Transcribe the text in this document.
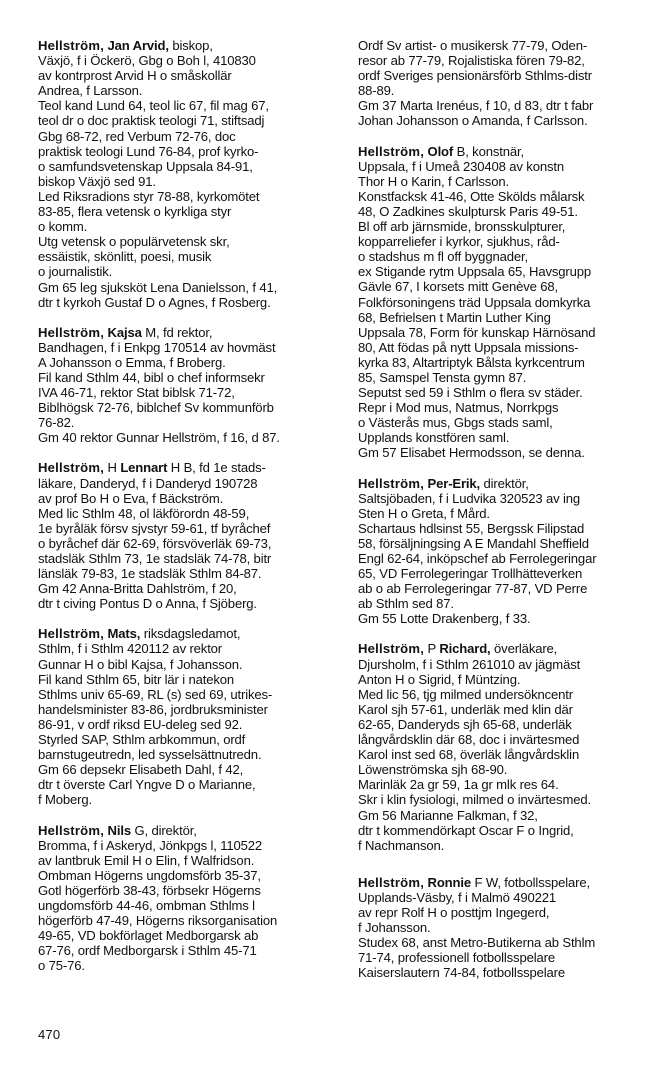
Hellström, Jan Arvid, biskop,
Växjö, f i Öckerö, Gbg o Boh l, 410830
av kontrprost Arvid H o småskollär
Andrea, f Larsson.
Teol kand Lund 64, teol lic 67, fil mag 67,
teol dr o doc praktisk teologi 71, stiftsadj
Gbg 68-72, red Verbum 72-76, doc
praktisk teologi Lund 76-84, prof kyrko-
o samfundsvetenskap Uppsala 84-91,
biskop Växjö sed 91.
Led Riksradions styr 78-88, kyrkomötet
83-85, flera vetensk o kyrkliga styr
o komm.
Utg vetensk o populärvetensk skr,
essäistik, skönlitt, poesi, musik
o journalistik.
Gm 65 leg sjuksköt Lena Danielsson, f 41,
dtr t kyrkoh Gustaf D o Agnes, f Rosberg.
Hellström, Kajsa M, fd rektor,
Bandhagen, f i Enkpg 170514 av hovmäst
A Johansson o Emma, f Broberg.
Fil kand Sthlm 44, bibl o chef informsekr
IVA 46-71, rektor Stat biblsk 71-72,
Biblhögsk 72-76, biblchef Sv kommunförb
76-82.
Gm 40 rektor Gunnar Hellström, f 16, d 87.
Hellström, H Lennart H B, fd 1e stads-
läkare, Danderyd, f i Danderyd 190728
av prof Bo H o Eva, f Bäckström.
Med lic Sthlm 48, ol läkförordn 48-59,
1e byråläk försv sjvstyr 59-61, tf byråchef
o byråchef där 62-69, försvöverläk 69-73,
stadsläk Sthlm 73, 1e stadsläk 74-78, bitr
länsläk 79-83, 1e stadsläk Sthlm 84-87.
Gm 42 Anna-Britta Dahlström, f 20,
dtr t civing Pontus D o Anna, f Sjöberg.
Hellström, Mats, riksdagsledamot,
Sthlm, f i Sthlm 420112 av rektor
Gunnar H o bibl Kajsa, f Johansson.
Fil kand Sthlm 65, bitr lär i natekon
Sthlms univ 65-69, RL (s) sed 69, utrikes-
handelsminister 83-86, jordbruksminister
86-91, v ordf riksd EU-deleg sed 92.
Styrled SAP, Sthlm arbkommun, ordf
barnstugeutredn, led sysselsättnutredn.
Gm 66 depsekr Elisabeth Dahl, f 42,
dtr t överste Carl Yngve D o Marianne,
f Moberg.
Hellström, Nils G, direktör,
Bromma, f i Askeryd, Jönkpgs l, 110522
av lantbruk Emil H o Elin, f Walfridson.
Ombman Högerns ungdomsförb 35-37,
Gotl högerförb 38-43, förbsekr Högerns
ungdomsförb 44-46, ombman Sthlms l
högerförb 47-49, Högerns riksorganisation
49-65, VD bokförlaget Medborgarsk ab
67-76, ordf Medborgarsk i Sthlm 45-71
o 75-76.
Ordf Sv artist- o musikersk 77-79, Oden-
resor ab 77-79, Rojalistiska fören 79-82,
ordf Sveriges pensionärsförb Sthlms-distr
88-89.
Gm 37 Marta Irenéus, f 10, d 83, dtr t fabr
Johan Johansson o Amanda, f Carlsson.
Hellström, Olof B, konstnär,
Uppsala, f i Umeå 230408 av konstn
Thor H o Karin, f Carlsson.
Konstfacksk 41-46, Otte Skölds målarsk
48, O Zadkines skulptursk Paris 49-51.
Bl off arb järnsmide, bronsskulpturer,
kopparreliefer i kyrkor, sjukhus, råd-
o stadshus m fl off byggnader,
ex Stigande rytm Uppsala 65, Havsgrupp
Gävle 67, I korsets mitt Genève 68,
Folkförsoningens träd Uppsala domkyrka
68, Befrielsen t Martin Luther King
Uppsala 78, Form för kunskap Härnösand
80, Att födas på nytt Uppsala missions-
kyrka 83, Altartriptyk Bålsta kyrkcentrum
85, Samspel Tensta gymn 87.
Seputst sed 59 i Sthlm o flera sv städer.
Repr i Mod mus, Natmus, Norrkpgs
o Västerås mus, Gbgs stads saml,
Upplands konstfören saml.
Gm 57 Elisabet Hermodsson, se denna.
Hellström, Per-Erik, direktör,
Saltsjöbaden, f i Ludvika 320523 av ing
Sten H o Greta, f Mård.
Schartaus hdlsinst 55, Bergssk Filipstad
58, försäljningsing A E Mandahl Sheffield
Engl 62-64, inköpschef ab Ferrolegeringar
65, VD Ferrolegeringar Trollhätteverken
ab o ab Ferrolegeringar 77-87, VD Perre
ab Sthlm sed 87.
Gm 55 Lotte Drakenberg, f 33.
Hellström, P Richard, överläkare,
Djursholm, f i Sthlm 261010 av jägmäst
Anton H o Sigrid, f Müntzing.
Med lic 56, tjg milmed undersökncentr
Karol sjh 57-61, underläk med klin där
62-65, Danderyds sjh 65-68, underläk
långvårdsklin där 68, doc i invärtesmed
Karol inst sed 68, överläk långvårdsklin
Löwenströmska sjh 68-90.
Marinläk 2a gr 59, 1a gr mlk res 64.
Skr i klin fysiologi, milmed o invärtesmed.
Gm 56 Marianne Falkman, f 32,
dtr t kommendörkapt Oscar F o Ingrid,
f Nachmanson.
Hellström, Ronnie F W, fotbollsspelare,
Upplands-Väsby, f i Malmö 490221
av repr Rolf H o posttjm Ingegerd,
f Johansson.
Studex 68, anst Metro-Butikerna ab Sthlm
71-74, professionell fotbollsspelare
Kaiserslautern 74-84, fotbollsspelare
470
